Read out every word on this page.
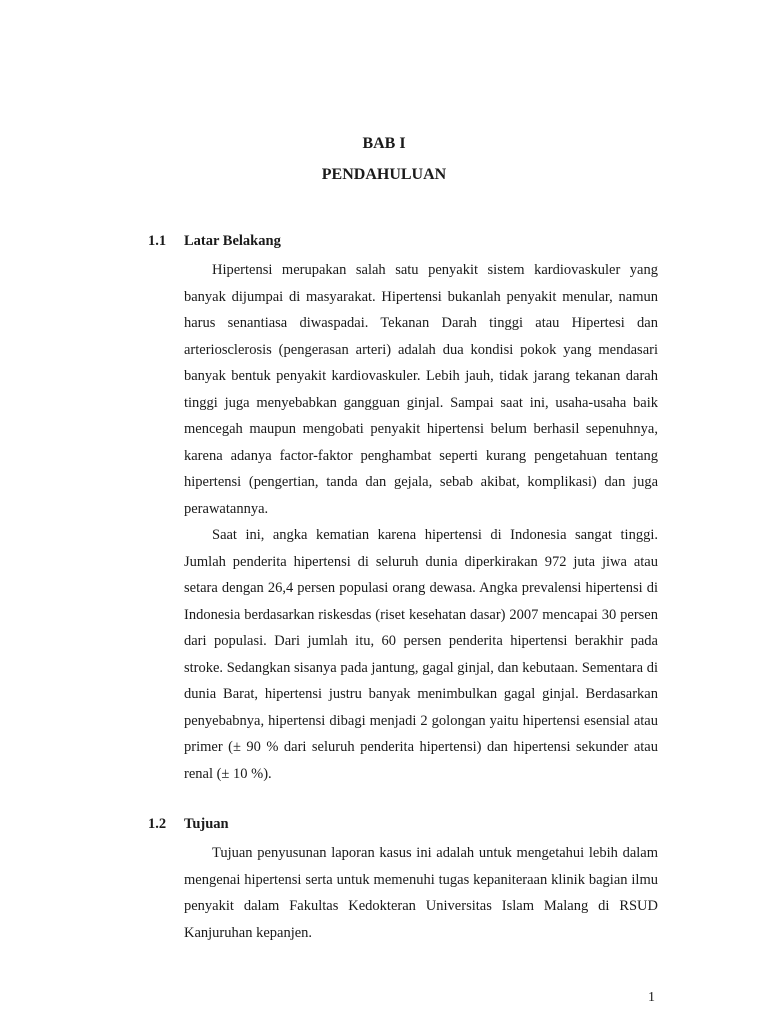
BAB I
PENDAHULUAN
1.1 Latar Belakang

Hipertensi merupakan salah satu penyakit sistem kardiovaskuler yang banyak dijumpai di masyarakat. Hipertensi bukanlah penyakit menular, namun harus senantiasa diwaspadai. Tekanan Darah tinggi atau Hipertesi dan arteriosclerosis (pengerasan arteri) adalah dua kondisi pokok yang mendasari banyak bentuk penyakit kardiovaskuler. Lebih jauh, tidak jarang tekanan darah tinggi juga menyebabkan gangguan ginjal. Sampai saat ini, usaha-usaha baik mencegah maupun mengobati penyakit hipertensi belum berhasil sepenuhnya, karena adanya factor-faktor penghambat seperti kurang pengetahuan tentang hipertensi (pengertian, tanda dan gejala, sebab akibat, komplikasi) dan juga perawatannya.

Saat ini, angka kematian karena hipertensi di Indonesia sangat tinggi. Jumlah penderita hipertensi di seluruh dunia diperkirakan 972 juta jiwa atau setara dengan 26,4 persen populasi orang dewasa. Angka prevalensi hipertensi di Indonesia berdasarkan riskesdas (riset kesehatan dasar) 2007 mencapai 30 persen dari populasi. Dari jumlah itu, 60 persen penderita hipertensi berakhir pada stroke. Sedangkan sisanya pada jantung, gagal ginjal, dan kebutaan. Sementara di dunia Barat, hipertensi justru banyak menimbulkan gagal ginjal. Berdasarkan penyebabnya, hipertensi dibagi menjadi 2 golongan yaitu hipertensi esensial atau primer (± 90 % dari seluruh penderita hipertensi) dan hipertensi sekunder atau renal (± 10 %).

1.2 Tujuan

Tujuan penyusunan laporan kasus ini adalah untuk mengetahui lebih dalam mengenai hipertensi serta untuk memenuhi tugas kepaniteraan klinik bagian ilmu penyakit dalam Fakultas Kedokteran Universitas Islam Malang di RSUD Kanjuruhan kepanjen.

1
